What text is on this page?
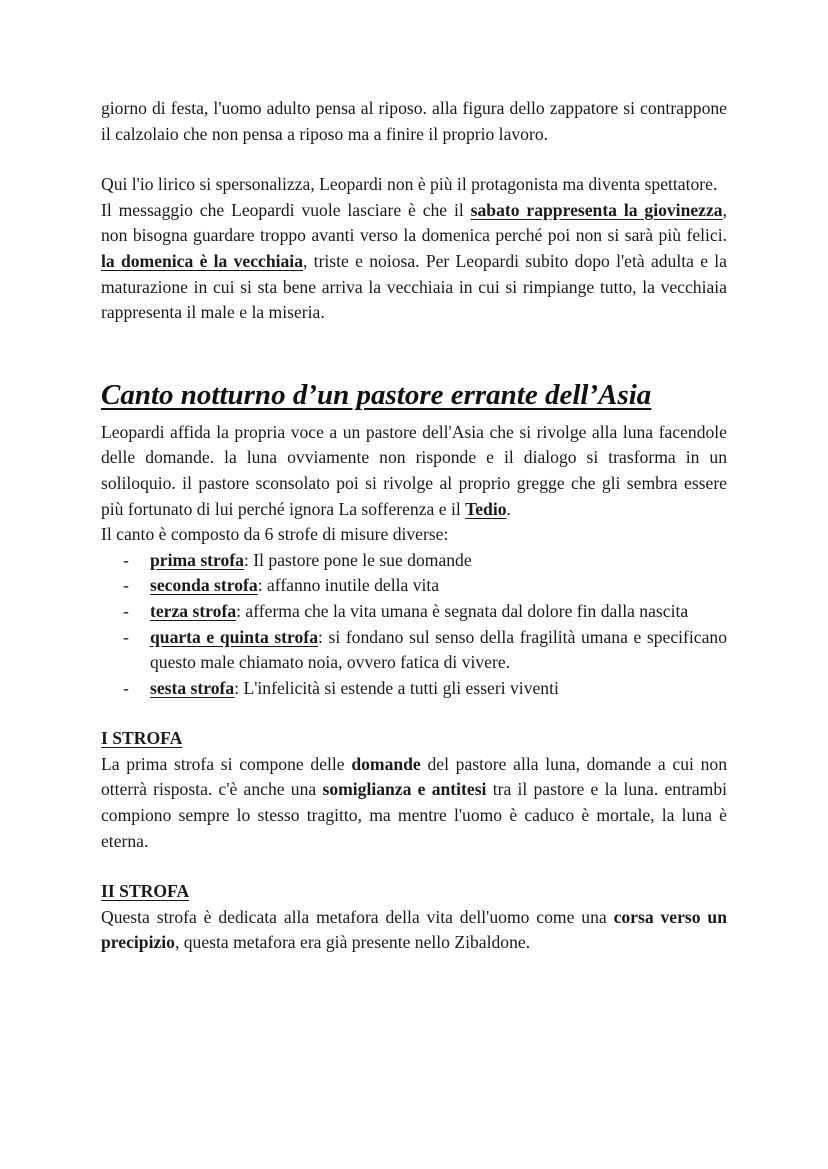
giorno di festa, l'uomo adulto pensa al riposo. alla figura dello zappatore si contrappone il calzolaio che non pensa a riposo ma a finire il proprio lavoro.

Qui l'io lirico si spersonalizza, Leopardi non è più il protagonista ma diventa spettatore.

Il messaggio che Leopardi vuole lasciare è che il sabato rappresenta la giovinezza, non bisogna guardare troppo avanti verso la domenica perché poi non si sarà più felici. la domenica è la vecchiaia, triste e noiosa. Per Leopardi subito dopo l'età adulta e la maturazione in cui si sta bene arriva la vecchiaia in cui si rimpiange tutto, la vecchiaia rappresenta il male e la miseria.

Canto notturno d’un pastore errante dell’Asia

Leopardi affida la propria voce a un pastore dell'Asia che si rivolge alla luna facendole delle domande. la luna ovviamente non risponde e il dialogo si trasforma in un soliloquio. il pastore sconsolato poi si rivolge al proprio gregge che gli sembra essere più fortunato di lui perché ignora La sofferenza e il Tedio.

Il canto è composto da 6 strofe di misure diverse:

- prima strofa: Il pastore pone le sue domande
- seconda strofa: affanno inutile della vita
- terza strofa: afferma che la vita umana è segnata dal dolore fin dalla nascita
- quarta e quinta strofa: si fondano sul senso della fragilità umana e specificano questo male chiamato noia, ovvero fatica di vivere.
- sesta strofa: L'infelicità si estende a tutti gli esseri viventi

I STROFA

La prima strofa si compone delle domande del pastore alla luna, domande a cui non otterrà risposta. c'è anche una somiglianza e antitesi tra il pastore e la luna. entrambi compiono sempre lo stesso tragitto, ma mentre l'uomo è caduco è mortale, la luna è eterna.

II STROFA

Questa strofa è dedicata alla metafora della vita dell'uomo come una corsa verso un precipizio, questa metafora era già presente nello Zibaldone.
